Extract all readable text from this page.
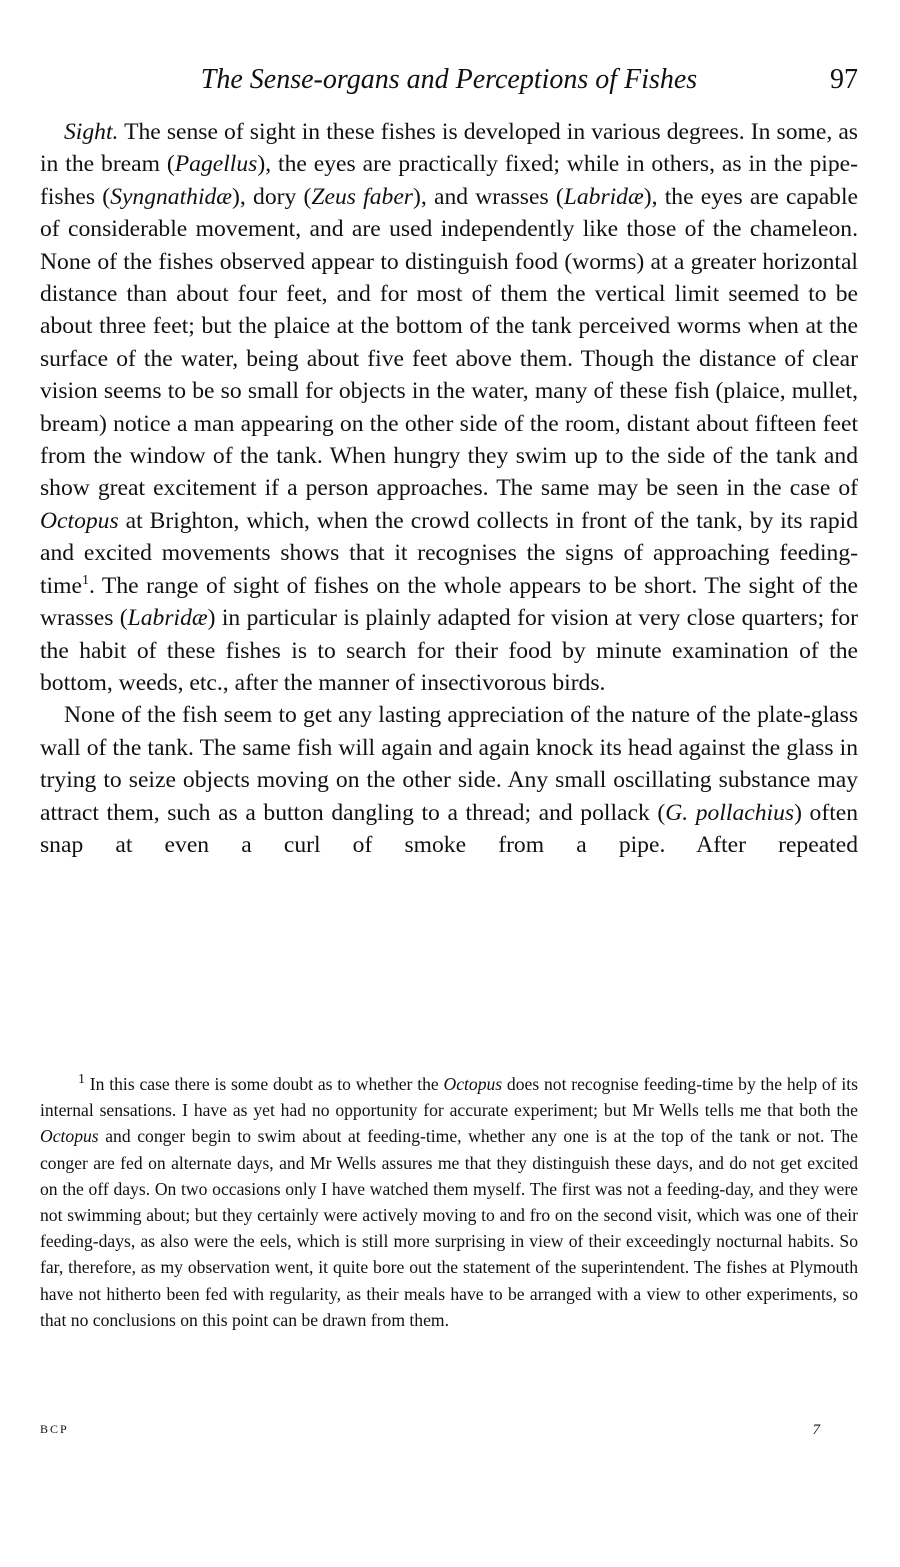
The Sense-organs and Perceptions of Fishes	97

Sight. The sense of sight in these fishes is developed in various degrees. In some, as in the bream (Pagellus), the eyes are practically fixed; while in others, as in the pipe-fishes (Syngnathidæ), dory (Zeus faber), and wrasses (Labridæ), the eyes are capable of considerable movement, and are used independently like those of the chameleon. None of the fishes observed appear to distinguish food (worms) at a greater horizontal distance than about four feet, and for most of them the vertical limit seemed to be about three feet; but the plaice at the bottom of the tank perceived worms when at the surface of the water, being about five feet above them. Though the distance of clear vision seems to be so small for objects in the water, many of these fish (plaice, mullet, bream) notice a man appearing on the other side of the room, distant about fifteen feet from the window of the tank. When hungry they swim up to the side of the tank and show great excitement if a person approaches. The same may be seen in the case of Octopus at Brighton, which, when the crowd collects in front of the tank, by its rapid and excited movements shows that it recognises the signs of approaching feeding-time$^1$. The range of sight of fishes on the whole appears to be short. The sight of the wrasses (Labridæ) in particular is plainly adapted for vision at very close quarters; for the habit of these fishes is to search for their food by minute examination of the bottom, weeds, etc., after the manner of insectivorous birds.

None of the fish seem to get any lasting appreciation of the nature of the plate-glass wall of the tank. The same fish will again and again knock its head against the glass in trying to seize objects moving on the other side. Any small oscillating substance may attract them, such as a button dangling to a thread; and pollack (G. pollachius) often snap at even a curl of smoke from a pipe. After repeated

$^1$ In this case there is some doubt as to whether the Octopus does not recognise feeding-time by the help of its internal sensations. I have as yet had no opportunity for accurate experiment; but Mr Wells tells me that both the Octopus and conger begin to swim about at feeding-time, whether any one is at the top of the tank or not. The conger are fed on alternate days, and Mr Wells assures me that they distinguish these days, and do not get excited on the off days. On two occasions only I have watched them myself. The first was not a feeding-day, and they were not swimming about; but they certainly were actively moving to and fro on the second visit, which was one of their feeding-days, as also were the eels, which is still more surprising in view of their exceedingly nocturnal habits. So far, therefore, as my observation went, it quite bore out the statement of the superintendent. The fishes at Plymouth have not hitherto been fed with regularity, as their meals have to be arranged with a view to other experiments, so that no conclusions on this point can be drawn from them.

BCP	7
